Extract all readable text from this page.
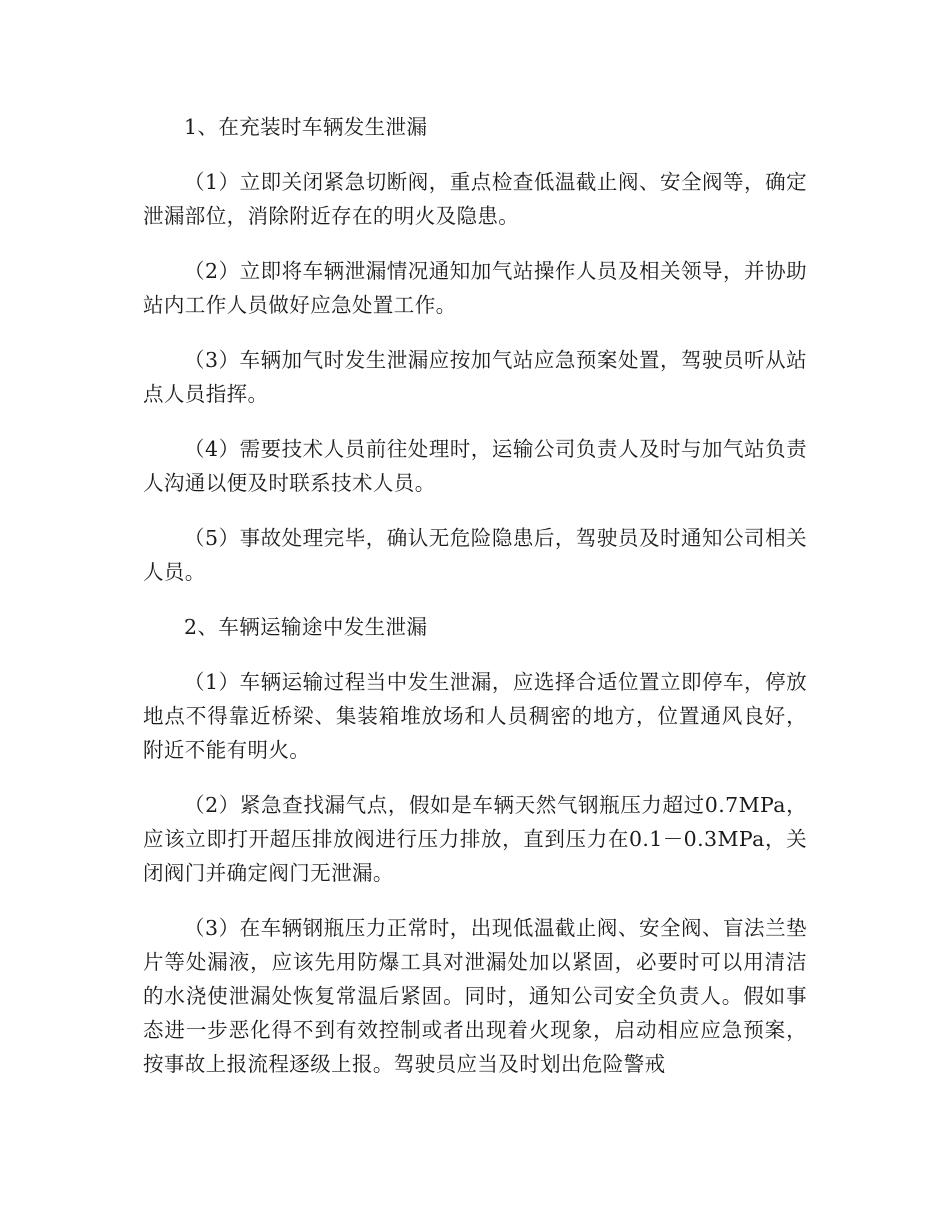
1、在充装时车辆发生泄漏

（1）立即关闭紧急切断阀，重点检查低温截止阀、安全阀等，确定泄漏部位，消除附近存在的明火及隐患。

（2）立即将车辆泄漏情况通知加气站操作人员及相关领导，并协助站内工作人员做好应急处置工作。

（3）车辆加气时发生泄漏应按加气站应急预案处置，驾驶员听从站点人员指挥。

（4）需要技术人员前往处理时，运输公司负责人及时与加气站负责人沟通以便及时联系技术人员。

（5）事故处理完毕，确认无危险隐患后，驾驶员及时通知公司相关人员。

2、车辆运输途中发生泄漏

（1）车辆运输过程当中发生泄漏，应选择合适位置立即停车，停放地点不得靠近桥梁、集装箱堆放场和人员稠密的地方，位置通风良好，附近不能有明火。

（2）紧急查找漏气点，假如是车辆天然气钢瓶压力超过0.7MPa，应该立即打开超压排放阀进行压力排放，直到压力在0.1－0.3MPa，关闭阀门并确定阀门无泄漏。

（3）在车辆钢瓶压力正常时，出现低温截止阀、安全阀、盲法兰垫片等处漏液，应该先用防爆工具对泄漏处加以紧固，必要时可以用清洁的水浇使泄漏处恢复常温后紧固。同时，通知公司安全负责人。假如事态进一步恶化得不到有效控制或者出现着火现象，启动相应应急预案，按事故上报流程逐级上报。驾驶员应当及时划出危险警戒
